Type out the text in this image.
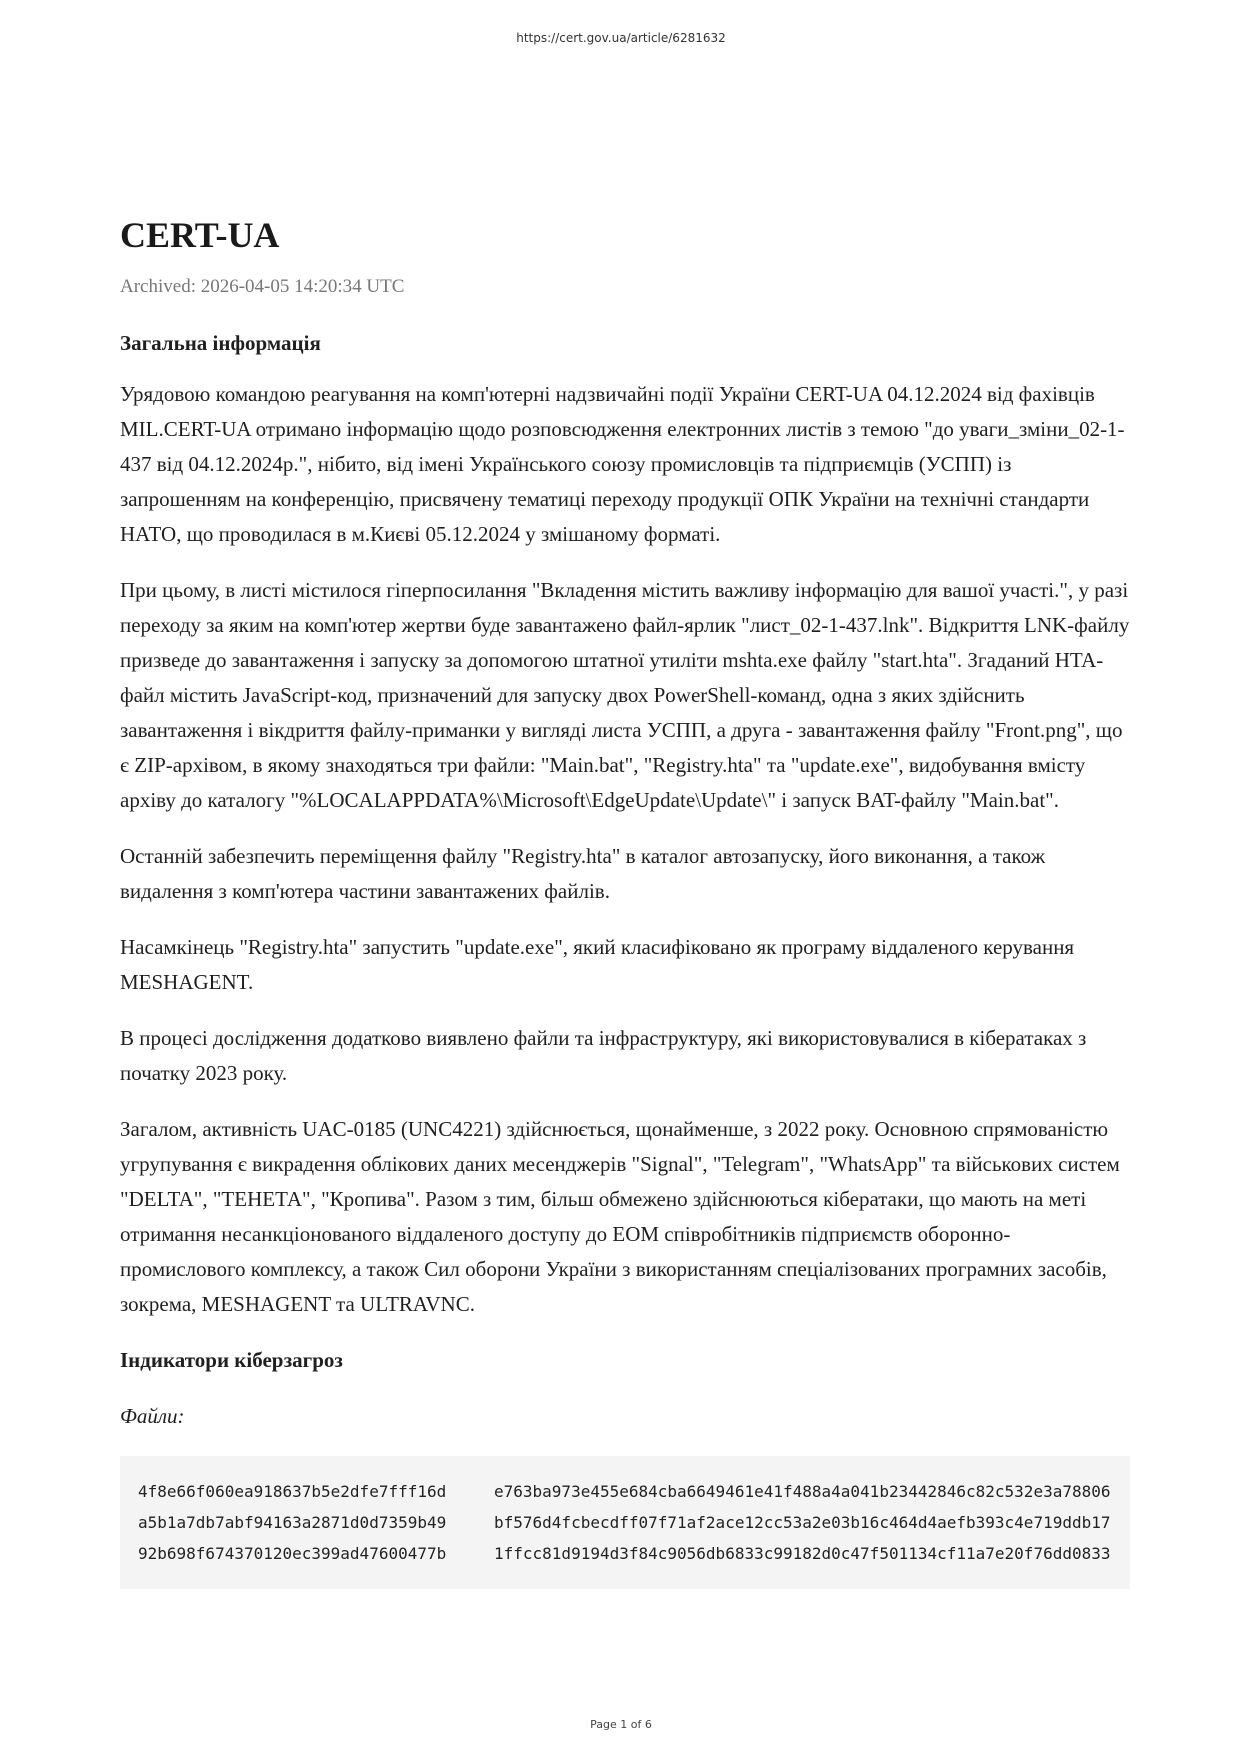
https://cert.gov.ua/article/6281632
CERT-UA
Archived: 2026-04-05 14:20:34 UTC
Загальна інформація

Урядовою командою реагування на комп'ютерні надзвичайні події України CERT-UA 04.12.2024 від фахівців MIL.CERT-UA отримано інформацію щодо розповсюдження електронних листів з темою "до уваги_зміни_02-1-437 від 04.12.2024р.", нібито, від імені Українського союзу промисловців та підприємців (УСПП) із запрошенням на конференцію, присвячену тематиці переходу продукції ОПК України на технічні стандарти НАТО, що проводилася в м.Києві 05.12.2024 у змішаному форматі.

При цьому, в листі містилося гіперпосилання "Вкладення містить важливу інформацію для вашої участі.", у разі переходу за яким на комп'ютер жертви буде завантажено файл-ярлик "лист_02-1-437.lnk". Відкриття LNK-файлу призведе до завантаження і запуску за допомогою штатної утиліти mshta.exe файлу "start.hta". Згаданий HTA-файл містить JavaScript-код, призначений для запуску двох PowerShell-команд, одна з яких здійснить завантаження і вікдриття файлу-приманки у вигляді листа УСПП, а друга - завантаження файлу "Front.png", що є ZIP-архівом, в якому знаходяться три файли: "Main.bat", "Registry.hta" та "update.exe", видобування вмісту архіву до каталогу "%LOCALAPPDATA%\Microsoft\EdgeUpdate\Update\" і запуск BAT-файлу "Main.bat".

Останній забезпечить переміщення файлу "Registry.hta" в каталог автозапуску, його виконання, а також видалення з комп'ютера частини завантажених файлів.

Насамкінець "Registry.hta" запустить "update.exe", який класифіковано як програму віддаленого керування MESHAGENT.

В процесі дослідження додатково виявлено файли та інфраструктуру, які використовувалися в кібератаках з початку 2023 року.

Загалом, активність UAC-0185 (UNC4221) здійснюється, щонайменше, з 2022 року. Основною спрямованістю угрупування є викрадення облікових даних месенджерів "Signal", "Telegram", "WhatsApp" та військових систем "DELTA", "ТЕНЕТА", "Кропива". Разом з тим, більш обмежено здійснюються кібератаки, що мають на меті отримання несанкціонованого віддаленого доступу до ЕОМ співробітників підприємств оборонно-промислового комплексу, а також Сил оборони України з використанням спеціалізованих програмних засобів, зокрема, MESHAGENT та ULTRAVNC.

Індикатори кіберзагроз
Файли:
4f8e66f060ea918637b5e2dfe7fff16d	e763ba973e455e684cba6649461e41f488a4a041b23442846c82c532e3a78806
a5b1a7db7abf94163a2871d0d7359b49	bf576d4fcbecdff07f71af2ace12cc53a2e03b16c464d4aefb393c4e719ddb17
92b698f674370120ec399ad47600477b	1ffcc81d9194d3f84c9056db6833c99182d0c47f501134cf11a7e20f76dd0833
Page 1 of 6
